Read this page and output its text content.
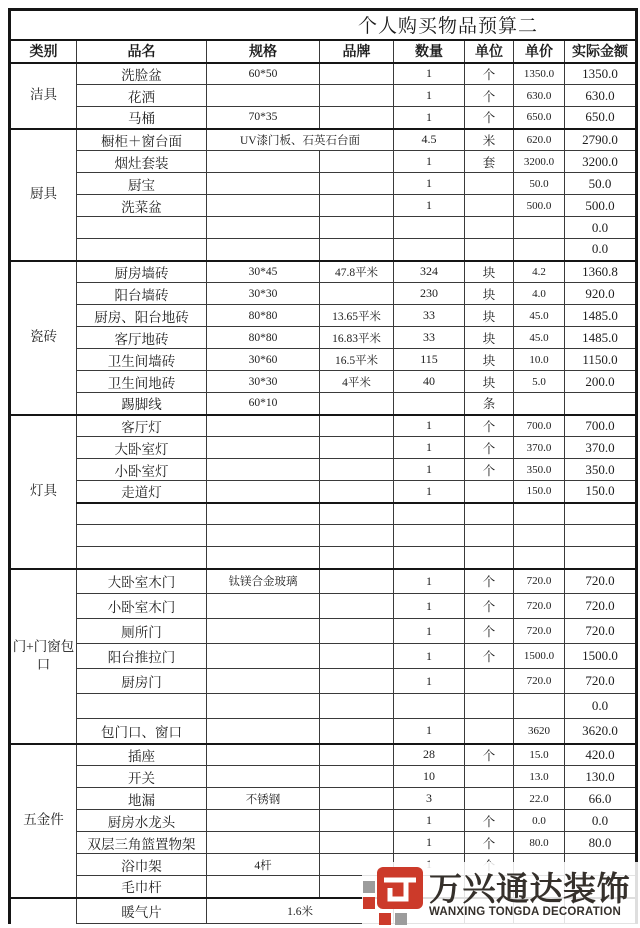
个人购买物品预算二							
类别	品名	规格	品牌	数量	单位	单价	实际金额
洁具	洗脸盆	60*50		1	个	1350.0	1350.0
	花洒			1	个	630.0	630.0
	马桶	70*35		1	个	650.0	650.0
厨具	橱柜＋窗台面	UV漆门板、石英石台面		4.5	米	620.0	2790.0
	烟灶套装			1	套	3200.0	3200.0
	厨宝			1		50.0	50.0
	洗菜盆			1		500.0	500.0
							0.0
							0.0
瓷砖	厨房墙砖	30*45	47.8平米	324	块	4.2	1360.8
	阳台墙砖	30*30		230	块	4.0	920.0
	厨房、阳台地砖	80*80	13.65平米	33	块	45.0	1485.0
	客厅地砖	80*80	16.83平米	33	块	45.0	1485.0
	卫生间墙砖	30*60	16.5平米	115	块	10.0	1150.0
	卫生间地砖	30*30	4平米	40	块	5.0	200.0
	踢脚线	60*10			条		
灯具	客厅灯			1	个	700.0	700.0
	大卧室灯			1	个	370.0	370.0
	小卧室灯			1	个	350.0	350.0
	走道灯			1		150.0	150.0

门+门窗包口	大卧室木门	钛镁合金玻璃		1	个	720.0	720.0
	小卧室木门			1	个	720.0	720.0
	厕所门			1	个	720.0	720.0
	阳台推拉门			1	个	1500.0	1500.0
	厨房门			1		720.0	720.0
							0.0
	包门口、窗口			1		3620	3620.0
五金件	插座			28	个	15.0	420.0
	开关			10		13.0	130.0
	地漏	不锈钢		3		22.0	66.0
	厨房水龙头			1	个	0.0	0.0
	双层三角篮置物架			1	个	80.0	80.0
	浴巾架	4杆					
	毛巾杆						
	暖气片	1.6米					
万兴通达装饰
WANXING TONGDA DECORATION
